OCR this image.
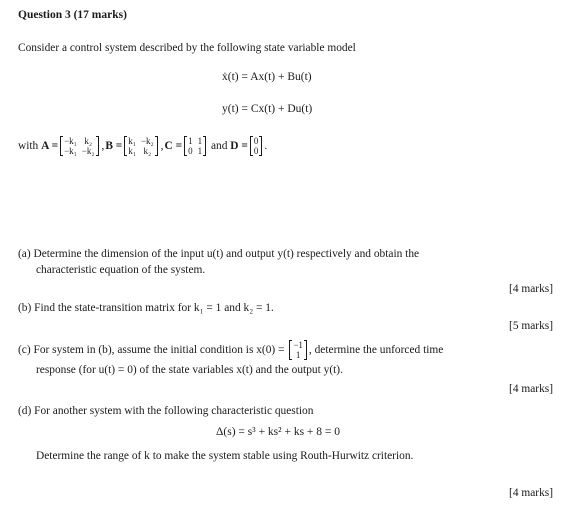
Question 3 (17 marks)
Consider a control system described by the following state variable model
ẋ(t) = Ax(t) + Bu(t)
y(t) = Cx(t) + Du(t)
with
A = −k₁ k₂
−k₁ −k₂ , B = k₁ −k₂
k₁ k₂ , C = 1 1
0 1
and
D = 0
0 .
(a) Determine the dimension of the input u(t) and output y(t) respectively and obtain the
characteristic equation of the system.
[4 marks]
(b) Find the state-transition matrix for k₁ = 1 and k₂ = 1.
[5 marks]
(c) For system in (b), assume the initial condition is x(0) =
−1
1 , determine the unforced time
response (for u(t) = 0) of the state variables x(t) and the output y(t).
[4 marks]
(d) For another system with the following characteristic question
Δ(s) = s³ + ks² + ks + 8 = 0
Determine the range of k to make the system stable using Routh-Hurwitz criterion.
[4 marks]
